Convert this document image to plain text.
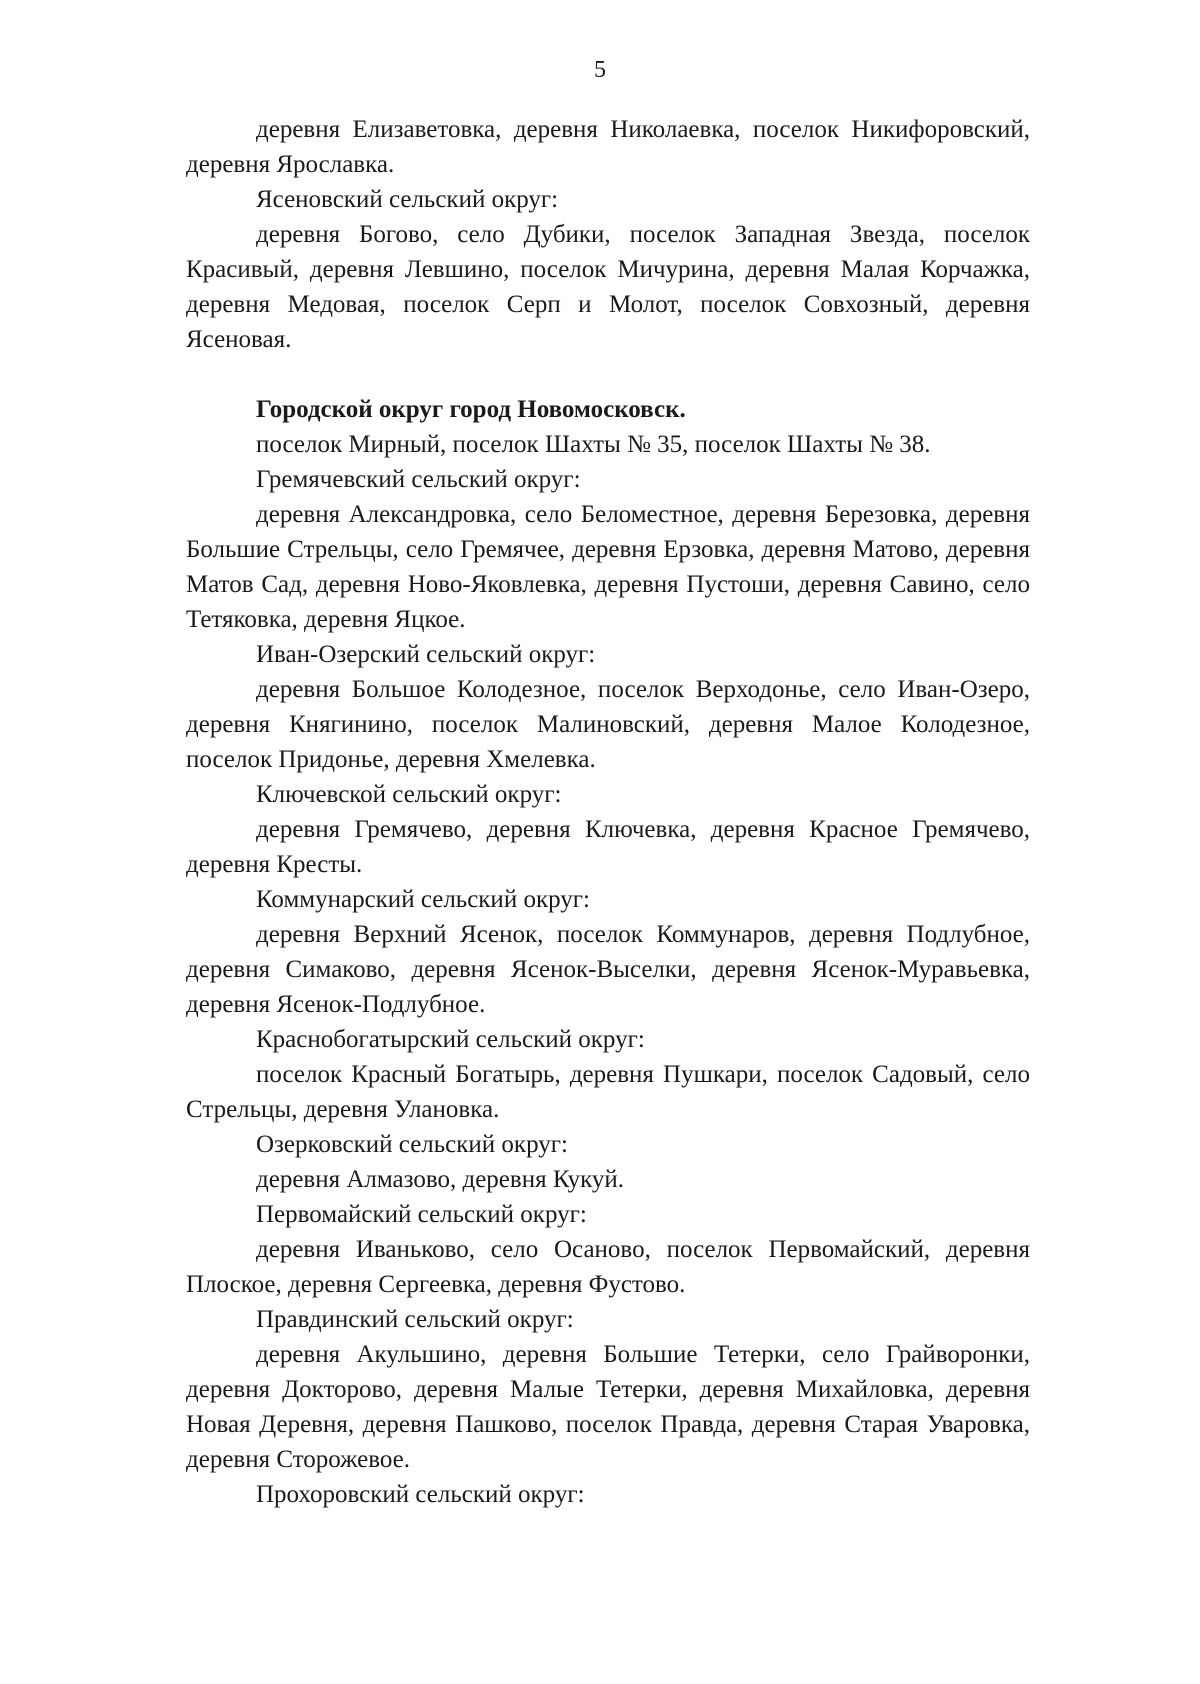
5

деревня Елизаветовка, деревня Николаевка, поселок Никифоровский, деревня Ярославка.

Ясеновский сельский округ:

деревня Богово, село Дубики, поселок Западная Звезда, поселок Красивый, деревня Левшино, поселок Мичурина, деревня Малая Корчажка, деревня Медовая, поселок Серп и Молот, поселок Совхозный, деревня Ясеновая.

Городской округ город Новомосковск.

поселок Мирный, поселок Шахты № 35, поселок Шахты № 38.

Гремячевский сельский округ:

деревня Александровка, село Беломестное, деревня Березовка, деревня Большие Стрельцы, село Гремячее, деревня Ерзовка, деревня Матово, деревня Матов Сад, деревня Ново-Яковлевка, деревня Пустоши, деревня Савино, село Тетяковка, деревня Яцкое.

Иван-Озерский сельский округ:

деревня Большое Колодезное, поселок Верходонье, село Иван-Озеро, деревня Княгинино, поселок Малиновский, деревня Малое Колодезное, поселок Придонье, деревня Хмелевка.

Ключевской сельский округ:

деревня Гремячево, деревня Ключевка, деревня Красное Гремячево, деревня Кресты.

Коммунарский сельский округ:

деревня Верхний Ясенок, поселок Коммунаров, деревня Подлубное, деревня Симаково, деревня Ясенок-Выселки, деревня Ясенок-Муравьевка, деревня Ясенок-Подлубное.

Краснобогатырский сельский округ:

поселок Красный Богатырь, деревня Пушкари, поселок Садовый, село Стрельцы, деревня Улановка.

Озерковский сельский округ:

деревня Алмазово, деревня Кукуй.

Первомайский сельский округ:

деревня Иваньково, село Осаново, поселок Первомайский, деревня Плоское, деревня Сергеевка, деревня Фустово.

Правдинский сельский округ:

деревня Акульшино, деревня Большие Тетерки, село Грайворонки, деревня Докторово, деревня Малые Тетерки, деревня Михайловка, деревня Новая Деревня, деревня Пашково, поселок Правда, деревня Старая Уваровка, деревня Сторожевое.

Прохоровский сельский округ:
